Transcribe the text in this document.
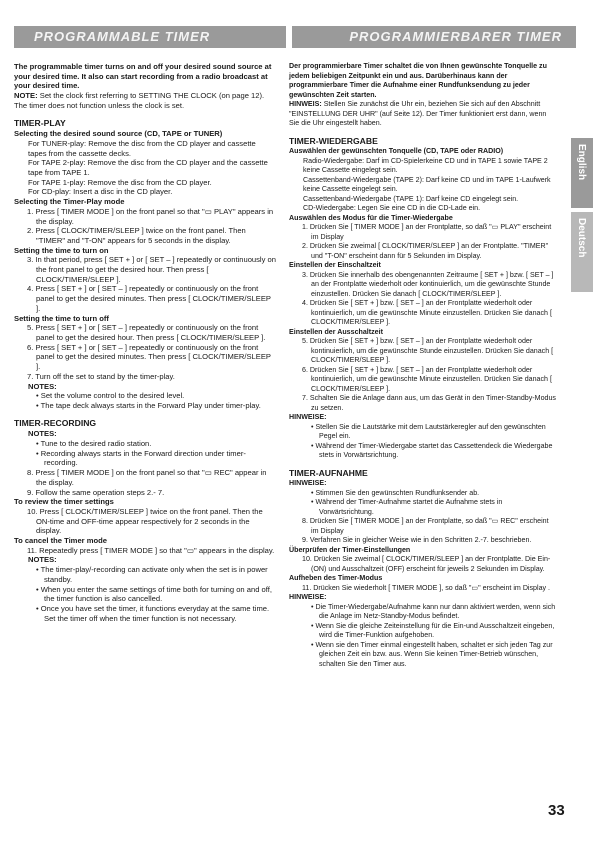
PROGRAMMABLE TIMER	PROGRAMMIERBARER TIMER
English
Deutsch
The programmable timer turns on and off your desired sound source at your desired time. It also can start recording from a radio broadcast at your desired time.
NOTE: Set the clock first referring to SETTING THE CLOCK (on page 12). The timer does not function unless the clock is set.
TIMER-PLAY
Selecting the desired sound source (CD, TAPE or TUNER)
For TUNER-play: Remove the disc from the CD player and cassette tapes from the cassette decks.
For TAPE 2-play: Remove the disc from the CD player and the cassette tape from TAPE 1.
For TAPE 1-play: Remove the disc from the CD player.
For CD-play: Insert a disc in the CD player.
Selecting the Timer-Play mode
1. Press [ TIMER MODE ] on the front panel so that "▭ PLAY" appears in the display.
2. Press [ CLOCK/TIMER/SLEEP ] twice on the front panel. Then "TIMER" and "T-ON" appears for 5 seconds in the display.
Setting the time to turn on
3. In that period, press [ SET + ] or [ SET – ] repeatedly or continuously on the front panel to get the desired hour. Then press [ CLOCK/TIMER/SLEEP ].
4. Press [ SET + ] or [ SET – ] repeatedly or continuously on the front panel to get the desired minutes. Then press [ CLOCK/TIMER/SLEEP ].
Setting the time to turn off
5. Press [ SET + ] or [ SET – ] repeatedly or continuously on the front panel to get the desired hour. Then press [ CLOCK/TIMER/SLEEP ].
6. Press [ SET + ] or [ SET – ] repeatedly or continuously on the front panel to get the desired minutes. Then press [ CLOCK/TIMER/SLEEP ].
7. Turn off the set to stand by the timer-play.
NOTES:
• Set the volume control to the desired level.
• The tape deck always starts in the Forward Play under timer-play.
TIMER-RECORDING
NOTES:
• Tune to the desired radio station.
• Recording always starts in the Forward direction under timer-recording.
8. Press [ TIMER MODE ] on the front panel so that "▭ REC" appear in the display.
9. Follow the same operation steps 2.- 7.
To review the timer settings
10. Press [ CLOCK/TIMER/SLEEP ] twice on the front panel. Then the ON-time and OFF-time appear respectively for 2 seconds in the display.
To cancel the Timer mode
11. Repeatedly press [ TIMER MODE ] so that "▭" appears in the display.
NOTES:
• The timer-play/-recording can activate only when the set is in power standby.
• When you enter the same settings of time both for turning on and off, the timer function is also cancelled.
• Once you have set the timer, it functions everyday at the same time. Set the timer off when the timer function is not necessary.
Der programmierbare Timer schaltet die von Ihnen gewünschte Tonquelle zu jedem beliebigen Zeitpunkt ein und aus. Darüberhinaus kann der programmierbare Timer die Aufnahme einer Rundfunksendung zu jeder gewünschten Zeit starten.
HINWEIS: Stellen Sie zunächst die Uhr ein, beziehen Sie sich auf den Abschnitt "EINSTELLUNG DER UHR" (auf Seite 12). Der Timer funktioniert erst dann, wenn Sie die Uhr eingestellt haben.
TIMER-WIEDERGABE
Auswählen der gewünschten Tonquelle (CD, TAPE oder RADIO)
Radio-Wiedergabe: Darf im CD-Spielerkeine CD und in TAPE 1 sowie TAPE 2 keine Cassette eingelegt sein.
Cassettenband-Wiedergabe (TAPE 2): Darf keine CD und im TAPE 1-Laufwerk keine Cassette eingelegt sein.
Cassettenband-Wiedergabe (TAPE 1): Darf keine CD eingelegt sein.
CD-Wiedergabe: Legen Sie eine CD in die CD-Lade ein.
Auswählen des Modus für die Timer-Wiedergabe
1. Drücken Sie [ TIMER MODE ] an der Frontplatte, so daß "▭ PLAY" erscheint im Display
2. Drücken Sie zweimal [ CLOCK/TIMER/SLEEP ] an der Frontplatte. "TIMER" und "T-ON" erscheint dann für 5 Sekunden im Display.
Einstellen der Einschaltzeit
3. Drücken Sie innerhalb des obengenannten Zeitraume [ SET + ] bzw. [ SET – ] an der Frontplatte wiederholt oder kontinuierlich, um die gewünschte Stunde einzustellen. Drücken Sie danach [ CLOCK/TIMER/SLEEP ].
4. Drücken Sie [ SET + ] bzw. [ SET – ] an der Frontplatte wiederholt oder kontinuierlich, um die gewünschte Minute einzustellen. Drücken Sie danach [ CLOCK/TIMER/SLEEP ].
Einstellen der Ausschaltzeit
5. Drücken Sie [ SET + ] bzw. [ SET – ] an der Frontplatte wiederholt oder kontinuierlich, um die gewünschte Stunde einzustellen. Drücken Sie danach [ CLOCK/TIMER/SLEEP ].
6. Drücken Sie [ SET + ] bzw. [ SET – ] an der Frontplatte wiederholt oder kontinuierlich, um die gewünschte Minute einzustellen. Drücken Sie danach [ CLOCK/TIMER/SLEEP ].
7. Schalten Sie die Anlage dann aus, um das Gerät in den Timer-Standby-Modus zu setzen.
HINWEISE:
• Stellen Sie die Lautstärke mit dem Lautstärkeregler auf den gewünschten Pegel ein.
• Während der Timer-Wiedergabe startet das Cassettendeck die Wiedergabe stets in Vorwärtsrichtung.
TIMER-AUFNAHME
HINWEISE:
• Stimmen Sie den gewünschten Rundfunksender ab.
• Während der Timer-Aufnahme startet die Aufnahme stets in Vorwärtsrichtung.
8. Drücken Sie [ TIMER MODE ] an der Frontplatte, so daß "▭ REC" erscheint im Display
9. Verfahren Sie in gleicher Weise wie in den Schritten 2.-7. beschrieben.
Überprüfen der Timer-Einstellungen
10. Drücken Sie zweimal [ CLOCK/TIMER/SLEEP ] an der Frontplatte. Die Ein-(ON) und Ausschaltzeit (OFF) erscheint für jeweils 2 Sekunden im Display.
Aufheben des Timer-Modus
11. Drücken Sie wiederholt [ TIMER MODE ], so daß "▭" erscheint im Display .
HINWEISE:
• Die Timer-Wiedergabe/Aufnahme kann nur dann aktiviert werden, wenn sich die Anlage im Netz-Standby-Modus befindet.
• Wenn Sie die gleiche Zeiteinstellung für die Ein-und Ausschaltzeit eingeben, wird die Timer-Funktion aufgehoben.
• Wenn sie den Timer einmal eingestellt haben, schaltet er sich jeden Tag zur gleichen Zeit ein bzw. aus. Wenn Sie keinen Timer-Betrieb wünschen, schalten Sie den Timer aus.
33
